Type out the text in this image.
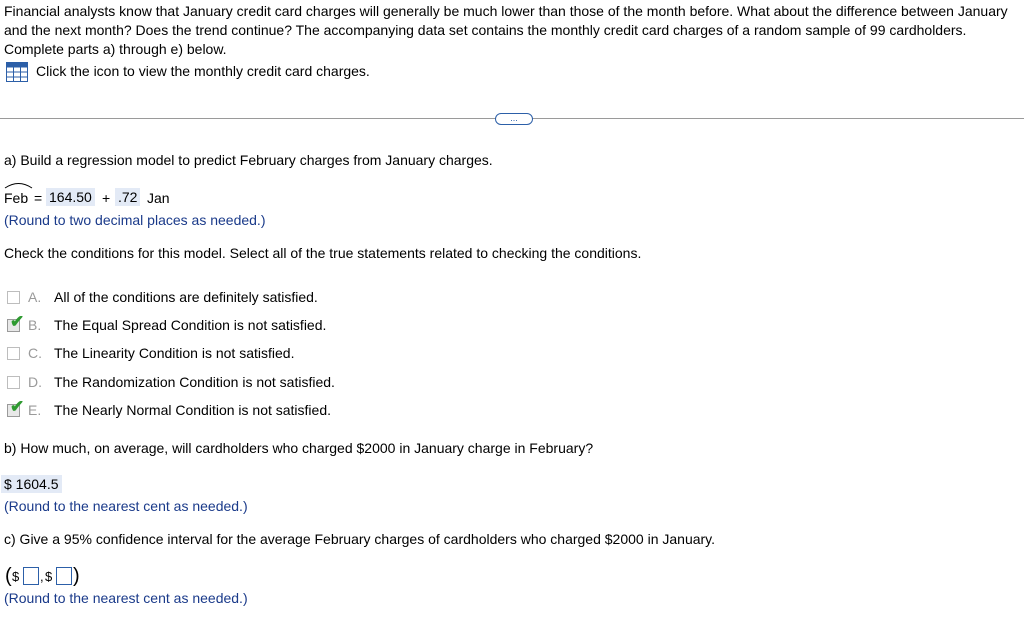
Financial analysts know that January credit card charges will generally be much lower than those of the month before. What about the difference between January and the next month? Does the trend continue? The accompanying data set contains the monthly credit card charges of a random sample of 99 cardholders. Complete parts a) through e) below.
Click the icon to view the monthly credit card charges.
...
a) Build a regression model to predict February charges from January charges.
Feb = 164.50 + .72 Jan
(Round to two decimal places as needed.)
Check the conditions for this model. Select all of the true statements related to checking the conditions.
A. All of the conditions are definitely satisfied.
✔ B. The Equal Spread Condition is not satisfied.
C. The Linearity Condition is not satisfied.
D. The Randomization Condition is not satisfied.
✔ E. The Nearly Normal Condition is not satisfied.
b) How much, on average, will cardholders who charged $2000 in January charge in February?
$ 1604.5
(Round to the nearest cent as needed.)
c) Give a 95% confidence interval for the average February charges of cardholders who charged $2000 in January.
( $ , $ )
(Round to the nearest cent as needed.)
